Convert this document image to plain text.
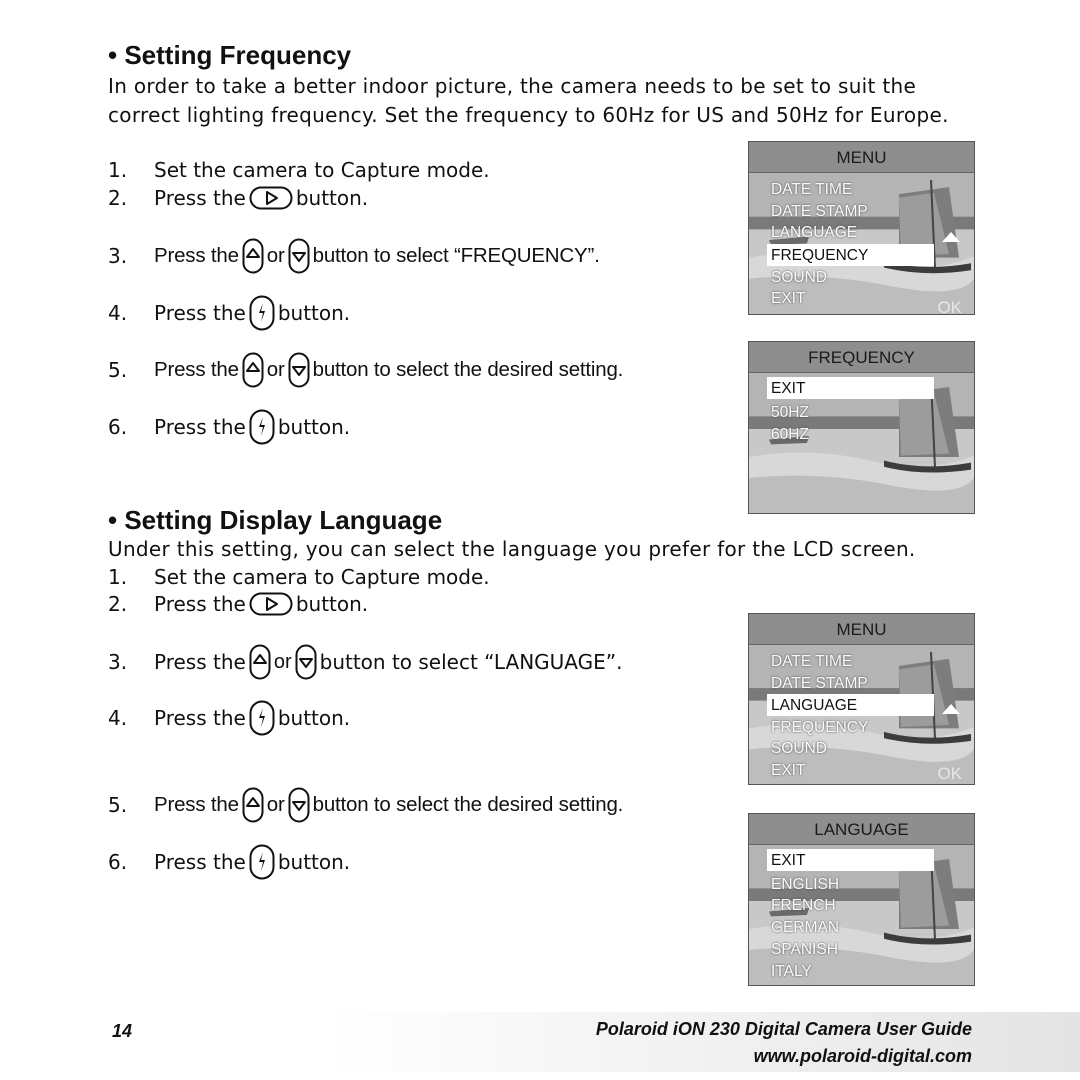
• Setting Frequency
In order to take a better indoor picture, the camera needs to be set to suit the correct lighting frequency. Set the frequency to 60Hz for US and 50Hz for Europe.
1.	Set the camera to Capture mode.
2.	Press the	button.
3.	Press the or button to select “FREQUENCY”.
4.	Press the button.
5.	Press the or button to select the desired setting.
6.	Press the button.
MENU
DATE TIME
DATE STAMP
LANGUAGE
FREQUENCY
SOUND
EXIT	OK
FREQUENCY
EXIT
50HZ
60HZ
• Setting Display Language
Under this setting, you can select the language you prefer for the LCD screen.
1.	Set the camera to Capture mode.
2.	Press the	button.
3.	Press the or button to select “LANGUAGE”.
4.	Press the button.
5.	Press the or button to select the desired setting.
6.	Press the button.
MENU
DATE TIME
DATE STAMP
LANGUAGE
FREQUENCY
SOUND
EXIT	OK
LANGUAGE
EXIT
ENGLISH
FRENCH
GERMAN
SPANISH
ITALY
14	Polaroid iON 230 Digital Camera User Guide
www.polaroid-digital.com
